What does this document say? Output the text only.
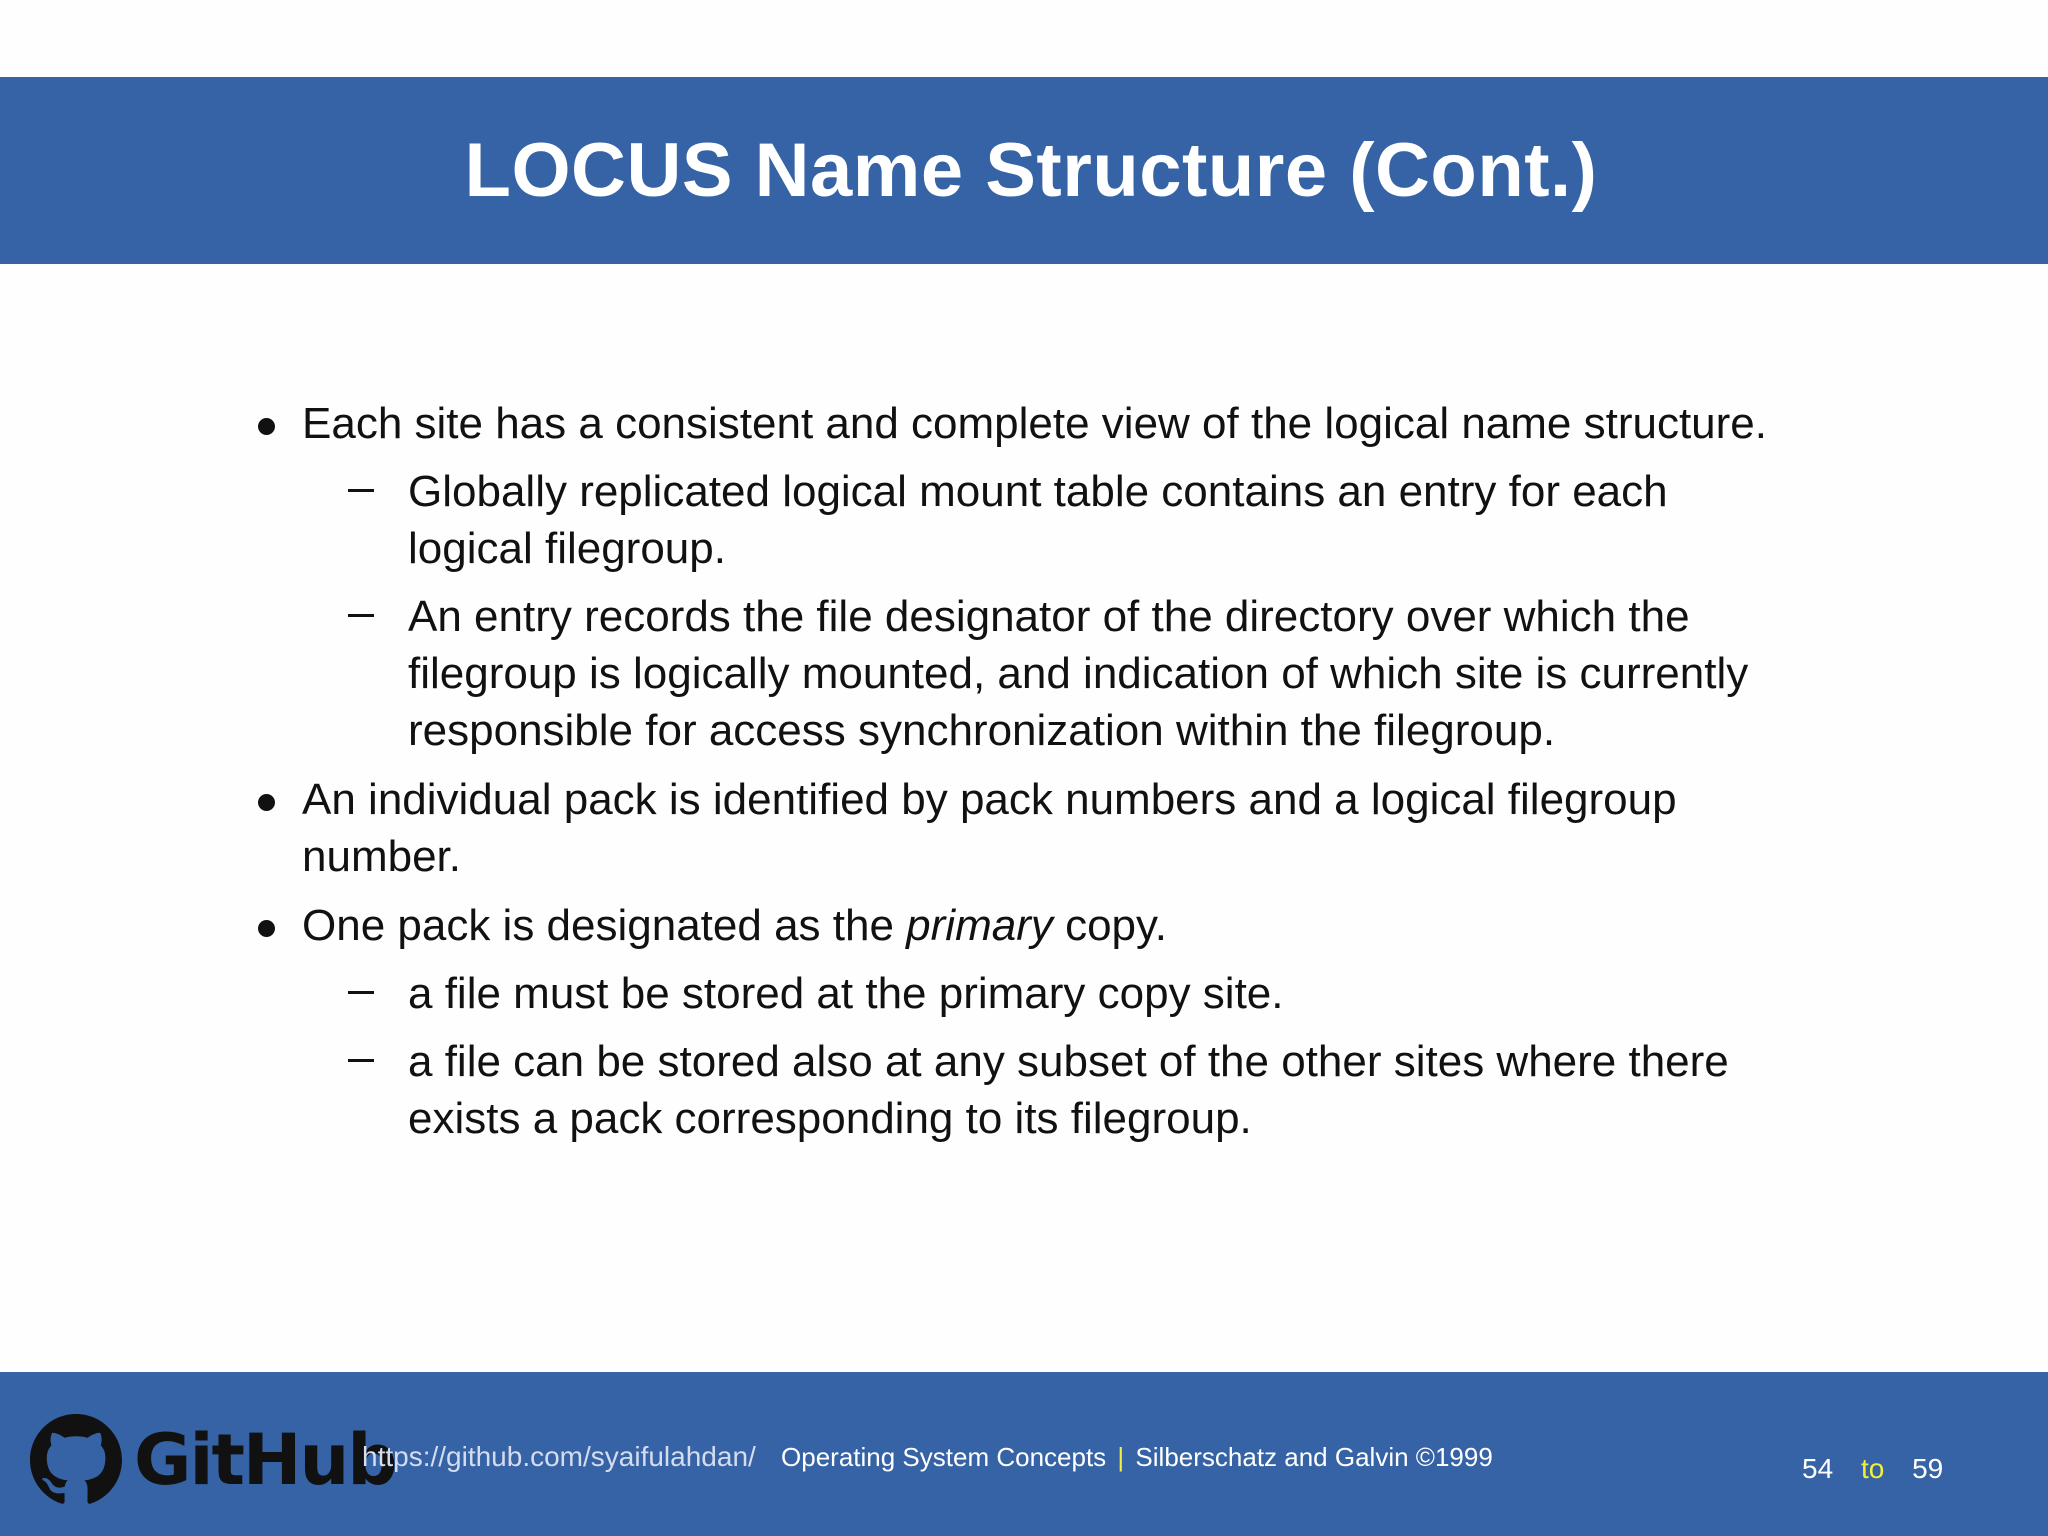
LOCUS Name Structure (Cont.)
Each site has a consistent and complete view of the logical name structure.
Globally replicated logical mount table contains an entry for each logical filegroup.
An entry records the file designator of the directory over which the filegroup is logically mounted, and indication of which site is currently responsible for access synchronization within the filegroup.
An individual pack is identified by pack numbers and a logical filegroup number.
One pack is designated as the primary copy.
a file must be stored at the primary copy site.
a file can be stored also at any subset of the other sites where there exists a pack corresponding to its filegroup.
GitHub
https://github.com/syaifulahdan/ Operating System Concepts | Silberschatz and Galvin ©1999	54 to 59
